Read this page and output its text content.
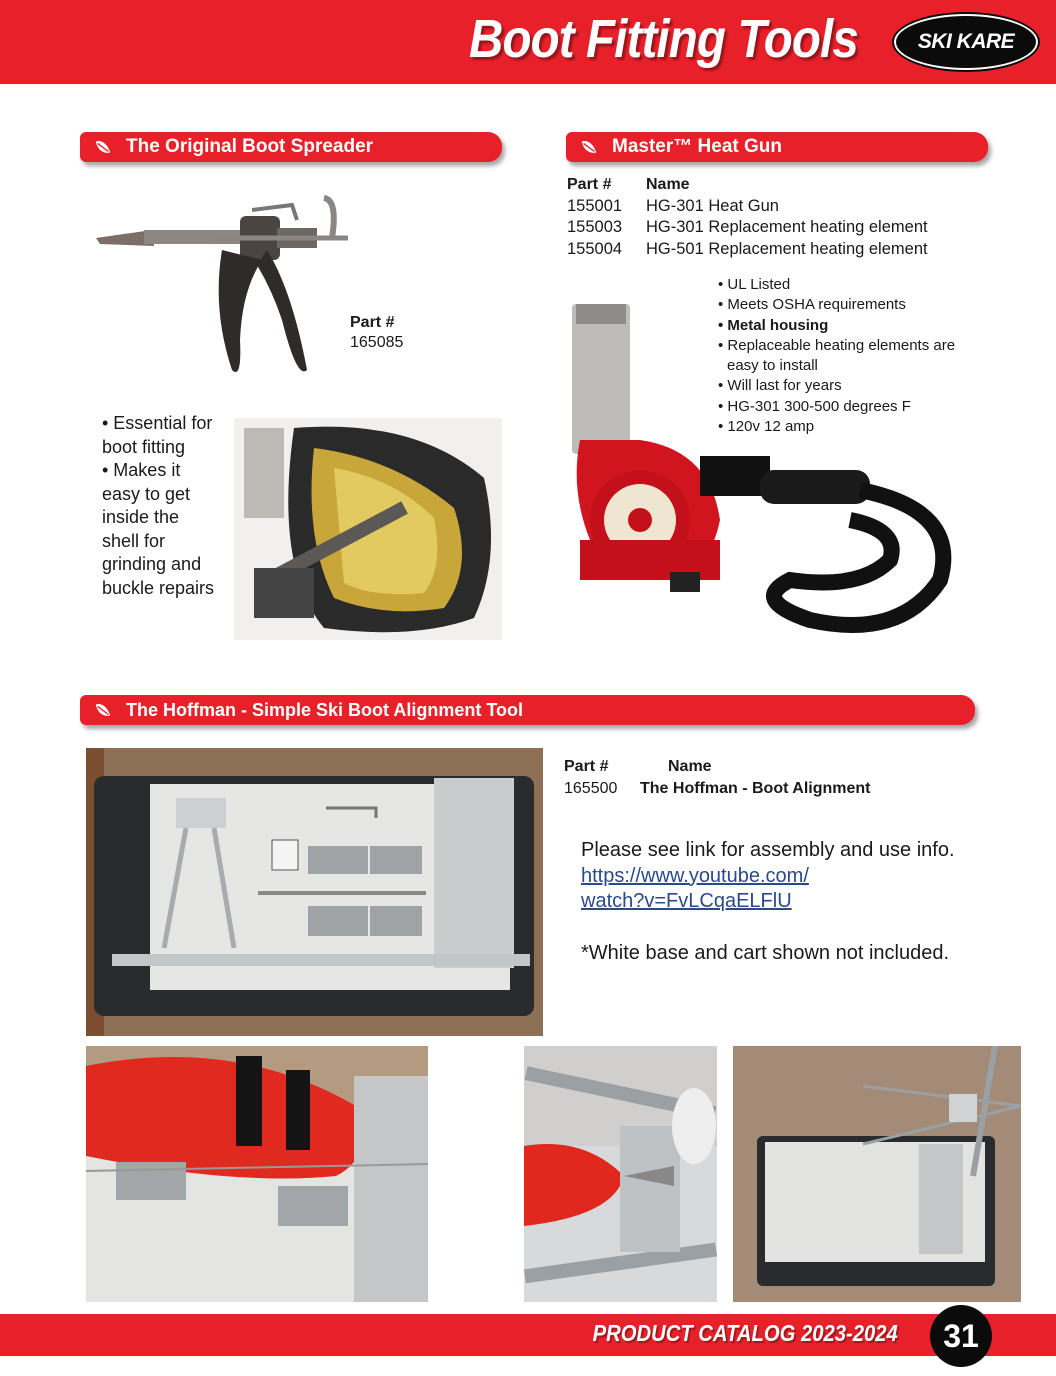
Boot Fitting Tools	SKI KARE
The Original Boot Spreader
Part #
165085
• Essential for
boot fitting
• Makes it
easy to get
inside the
shell for
grinding and
buckle repairs
Master™ Heat Gun
Part #	Name
155001	HG-301 Heat Gun
155003	HG-301 Replacement heating element
155004	HG-501 Replacement heating element
• UL Listed
• Meets OSHA requirements
• Metal housing
• Replaceable heating elements are
easy to install
• Will last for years
• HG-301 300-500 degrees F
• 120v 12 amp
The Hoffman - Simple Ski Boot Alignment Tool
Part #	Name
165500	The Hoffman - Boot Alignment
Please see link for assembly and use info.
https://www.youtube.com/
watch?v=FvLCqaELFlU
*White base and cart shown not included.
PRODUCT CATALOG 2023-2024	31
